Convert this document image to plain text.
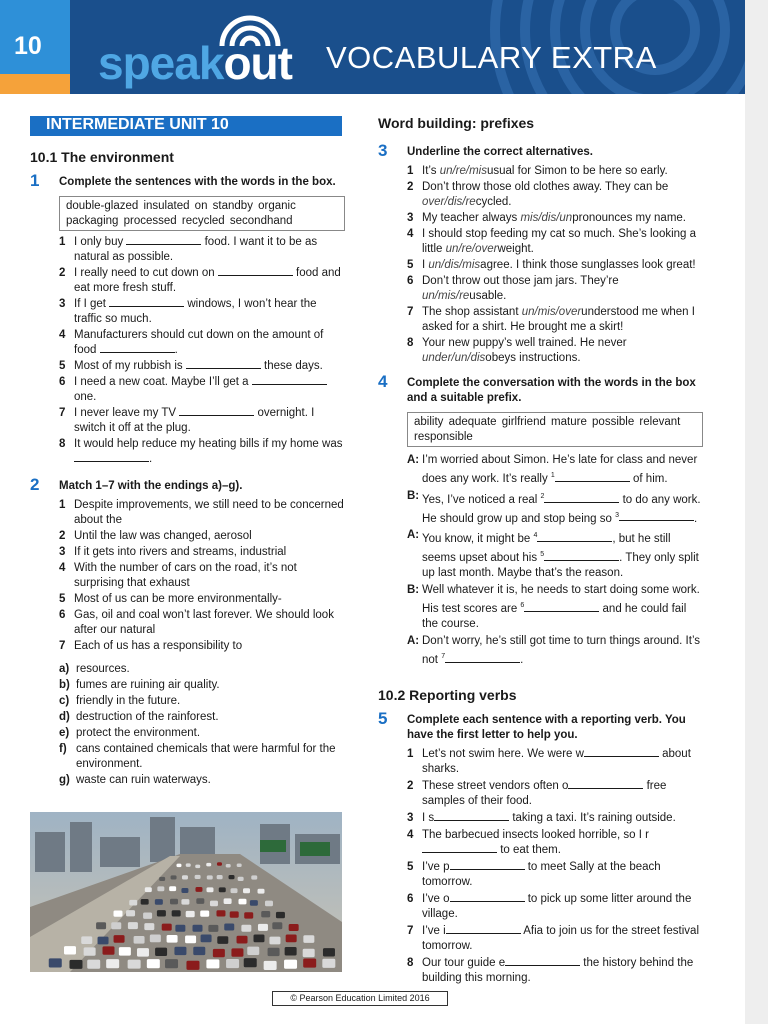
10 speakout VOCABULARY EXTRA
INTERMEDIATE UNIT 10
10.1 The environment
1	Complete the sentences with the words in the box.
double-glazed insulated on standby organic packaging processed recycled secondhand
1 I only buy	food. I want it to be as natural as possible.
2 I really need to cut down on	food and eat more fresh stuff.
3 If I get	windows, I won’t hear the traffic so much.
4 Manufacturers should cut down on the amount of food	.
5 Most of my rubbish is	these days.
6 I need a new coat. Maybe I’ll get a  one.
7 I never leave my TV	overnight. I switch it off at the plug.
8 It would help reduce my heating bills if my home was .
2	Match 1–7 with the endings a)–g).
1 Despite improvements, we still need to be concerned about the
2 Until the law was changed, aerosol
3 If it gets into rivers and streams, industrial
4 With the number of cars on the road, it’s not surprising that exhaust
5 Most of us can be more environmentally-
6 Gas, oil and coal won’t last forever. We should look after our natural
7 Each of us has a responsibility to
a) resources.
b) fumes are ruining air quality.
c) friendly in the future.
d) destruction of the rainforest.
e) protect the environment.
f) cans contained chemicals that were harmful for the environment.
g) waste can ruin waterways.
Word building: prefixes
3	Underline the correct alternatives.
1 It’s un/re/misusual for Simon to be here so early.
2 Don’t throw those old clothes away. They can be over/dis/recycled.
3 My teacher always mis/dis/unpronounces my name.
4 I should stop feeding my cat so much. She’s looking a little un/re/overweight.
5 I un/dis/misagree. I think those sunglasses look great!
6 Don’t throw out those jam jars. They’re un/mis/reusable.
7 The shop assistant un/mis/overunderstood me when I asked for a shirt. He brought me a skirt!
8 Your new puppy’s well trained. He never under/un/disobeys instructions.
4	Complete the conversation with the words in the box and a suitable prefix.
ability adequate girlfriend mature possible relevant responsible
A: I’m worried about Simon. He’s late for class and never does any work. It’s really $^1$	of him.
B: Yes, I’ve noticed a real $^2$	to do any work. He should grow up and stop being so $^3$	.
A: You know, it might be $^4$	, but he still seems upset about his $^5$	. They only split up last month. Maybe that’s the reason.
B: Well whatever it is, he needs to start doing some work. His test scores are $^6$	and he could fail the course.
A: Don’t worry, he’s still got time to turn things around. It’s not $^7$	.
10.2 Reporting verbs
5	Complete each sentence with a reporting verb. You have the first letter to help you.
1 Let’s not swim here. We were w	about sharks.
2 These street vendors often o	free samples of their food.
3 I s	taking a taxi. It’s raining outside.
4 The barbecued insects looked horrible, so I r to eat them.
5 I’ve p	to meet Sally at the beach tomorrow.
6 I’ve o	to pick up some litter around the village.
7 I’ve i	Afia to join us for the street festival tomorrow.
8 Our tour guide e	the history behind the building this morning.
© Pearson Education Limited 2016
